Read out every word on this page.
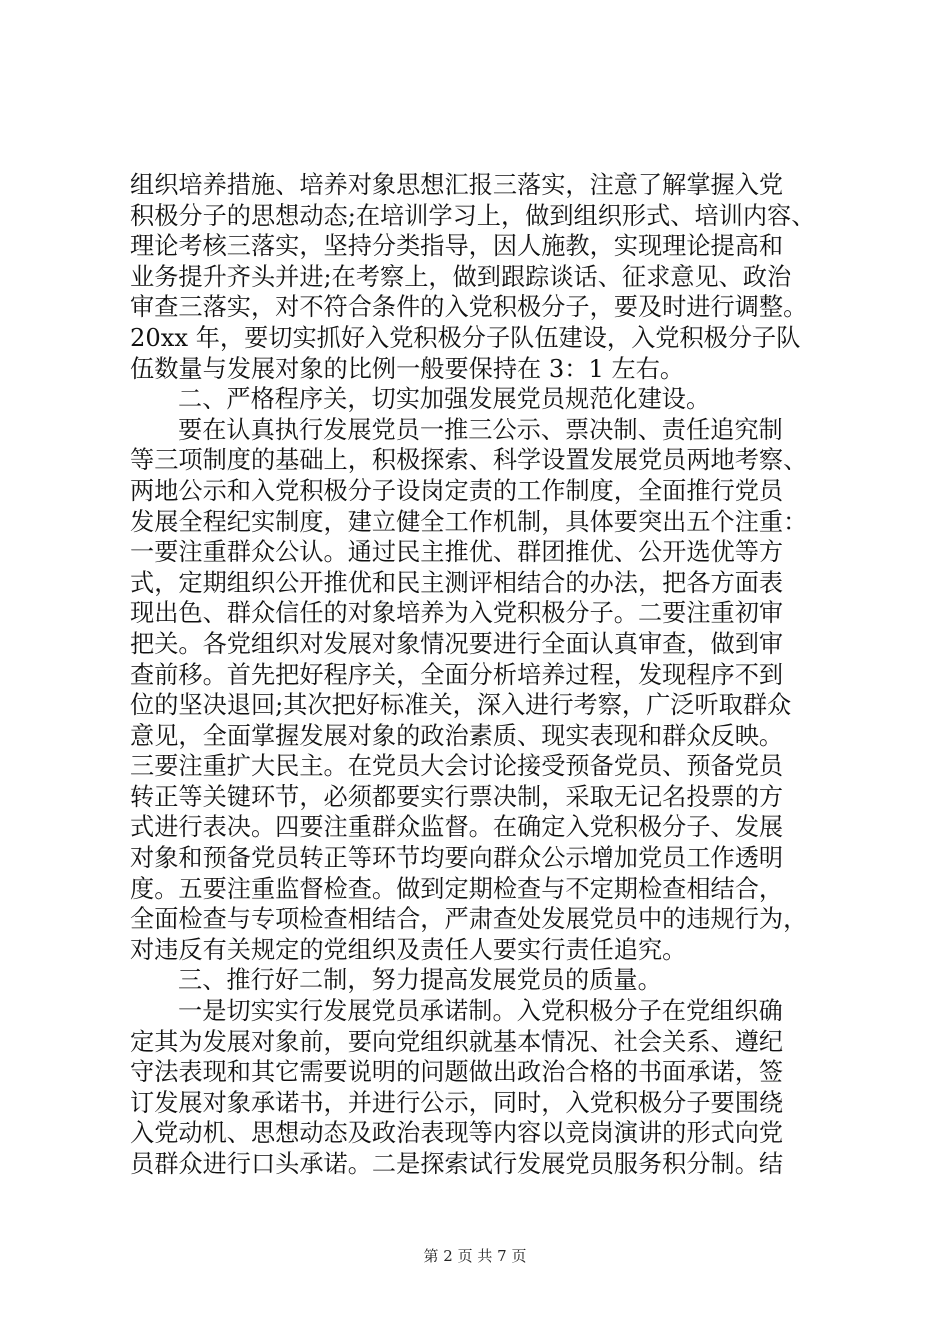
组织培养措施、培养对象思想汇报三落实，注意了解掌握入党
积极分子的思想动态;在培训学习上，做到组织形式、培训内容、
理论考核三落实，坚持分类指导，因人施教，实现理论提高和
业务提升齐头并进;在考察上，做到跟踪谈话、征求意见、政治
审查三落实，对不符合条件的入党积极分子，要及时进行调整。
20xx 年，要切实抓好入党积极分子队伍建设，入党积极分子队
伍数量与发展对象的比例一般要保持在 3：1 左右。
二、严格程序关，切实加强发展党员规范化建设。
要在认真执行发展党员一推三公示、票决制、责任追究制
等三项制度的基础上，积极探索、科学设置发展党员两地考察、
两地公示和入党积极分子设岗定责的工作制度，全面推行党员
发展全程纪实制度，建立健全工作机制，具体要突出五个注重：
一要注重群众公认。通过民主推优、群团推优、公开选优等方
式，定期组织公开推优和民主测评相结合的办法，把各方面表
现出色、群众信任的对象培养为入党积极分子。二要注重初审
把关。各党组织对发展对象情况要进行全面认真审查，做到审
查前移。首先把好程序关，全面分析培养过程，发现程序不到
位的坚决退回;其次把好标准关，深入进行考察，广泛听取群众
意见，全面掌握发展对象的政治素质、现实表现和群众反映。
三要注重扩大民主。在党员大会讨论接受预备党员、预备党员
转正等关键环节，必须都要实行票决制，采取无记名投票的方
式进行表决。四要注重群众监督。在确定入党积极分子、发展
对象和预备党员转正等环节均要向群众公示增加党员工作透明
度。五要注重监督检查。做到定期检查与不定期检查相结合，
全面检查与专项检查相结合，严肃查处发展党员中的违规行为，
对违反有关规定的党组织及责任人要实行责任追究。
三、推行好二制，努力提高发展党员的质量。
一是切实实行发展党员承诺制。入党积极分子在党组织确
定其为发展对象前，要向党组织就基本情况、社会关系、遵纪
守法表现和其它需要说明的问题做出政治合格的书面承诺，签
订发展对象承诺书，并进行公示，同时，入党积极分子要围绕
入党动机、思想动态及政治表现等内容以竞岗演讲的形式向党
员群众进行口头承诺。二是探索试行发展党员服务积分制。结
第 2 页 共 7 页
